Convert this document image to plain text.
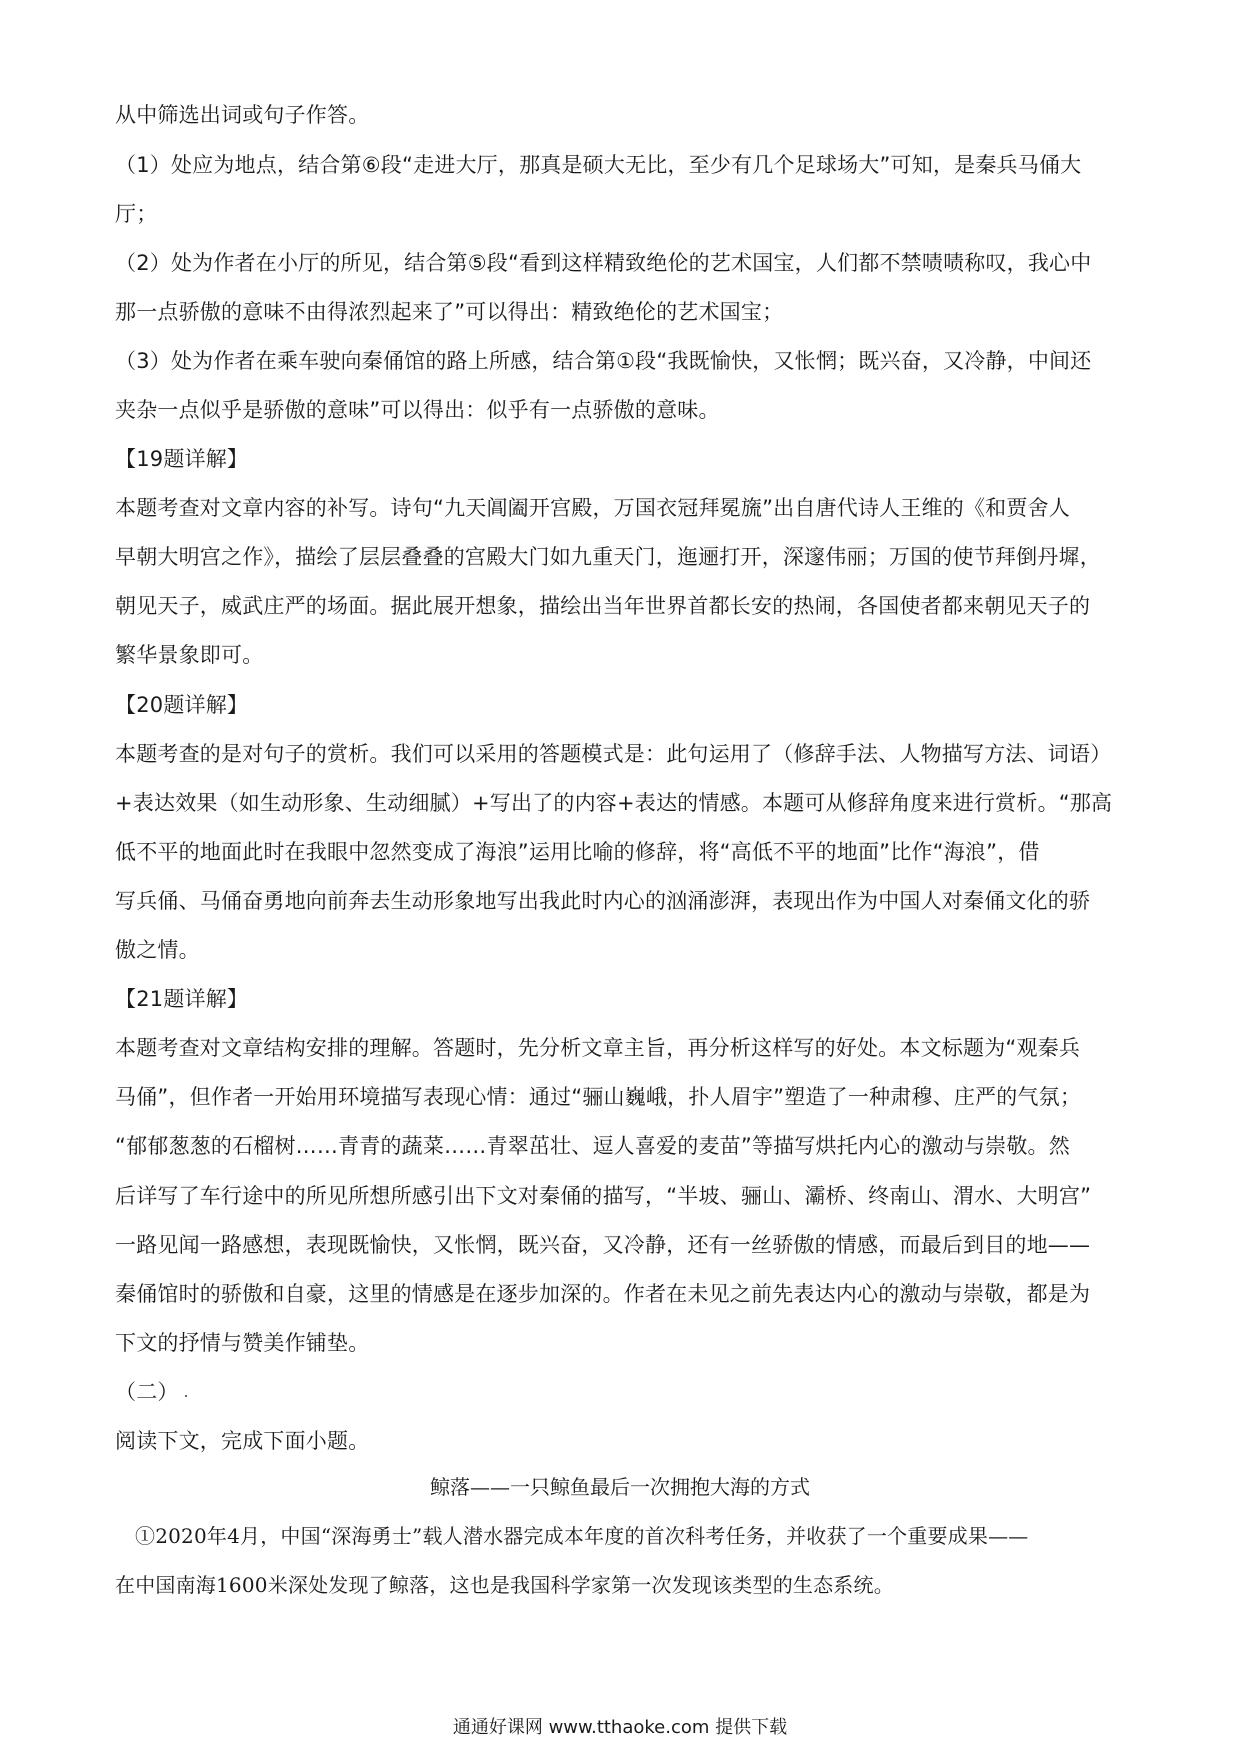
从中筛选出词或句子作答。
（1）处应为地点，结合第⑥段“走进大厅，那真是硕大无比，至少有几个足球场大”可知，是秦兵马俑大
厅；
（2）处为作者在小厅的所见，结合第⑤段“看到这样精致绝伦的艺术国宝，人们都不禁啧啧称叹，我心中
那一点骄傲的意味不由得浓烈起来了”可以得出：精致绝伦的艺术国宝；
（3）处为作者在乘车驶向秦俑馆的路上所感，结合第①段“我既愉快，又怅惘；既兴奋，又冷静，中间还
夹杂一点似乎是骄傲的意味”可以得出：似乎有一点骄傲的意味。
【19题详解】
本题考查对文章内容的补写。诗句“九天阊阖开宫殿，万国衣冠拜冕旒”出自唐代诗人王维的《和贾舍人
早朝大明宫之作》，描绘了层层叠叠的宫殿大门如九重天门，迤逦打开，深邃伟丽；万国的使节拜倒丹墀，
朝见天子，威武庄严的场面。据此展开想象，描绘出当年世界首都长安的热闹，各国使者都来朝见天子的
繁华景象即可。
【20题详解】
本题考查的是对句子的赏析。我们可以采用的答题模式是：此句运用了（修辞手法、人物描写方法、词语）
+表达效果（如生动形象、生动细腻）+写出了的内容+表达的情感。本题可从修辞角度来进行赏析。“那高
低不平的地面此时在我眼中忽然变成了海浪”运用比喻的修辞，将“高低不平的地面”比作“海浪”，借
写兵俑、马俑奋勇地向前奔去生动形象地写出我此时内心的汹涌澎湃，表现出作为中国人对秦俑文化的骄
傲之情。
【21题详解】
本题考查对文章结构安排的理解。答题时，先分析文章主旨，再分析这样写的好处。本文标题为“观秦兵
马俑”，但作者一开始用环境描写表现心情：通过“骊山巍峨，扑人眉宇”塑造了一种肃穆、庄严的气氛；
“郁郁葱葱的石榴树……青青的蔬菜……青翠茁壮、逗人喜爱的麦苗”等描写烘托内心的激动与崇敬。然
后详写了车行途中的所见所想所感引出下文对秦俑的描写，“半坡、骊山、灞桥、终南山、渭水、大明宫”
一路见闻一路感想，表现既愉快，又怅惘，既兴奋，又冷静，还有一丝骄傲的情感，而最后到目的地——
秦俑馆时的骄傲和自豪，这里的情感是在逐步加深的。作者在未见之前先表达内心的激动与崇敬，都是为
下文的抒情与赞美作铺垫。
（二）
阅读下文，完成下面小题。
鲸落——一只鲸鱼最后一次拥抱大海的方式
①2020年4月，中国“深海勇士”载人潜水器完成本年度的首次科考任务，并收获了一个重要成果——
在中国南海1600米深处发现了鲸落，这也是我国科学家第一次发现该类型的生态系统。
通通好课网 www.tthaoke.com 提供下载
